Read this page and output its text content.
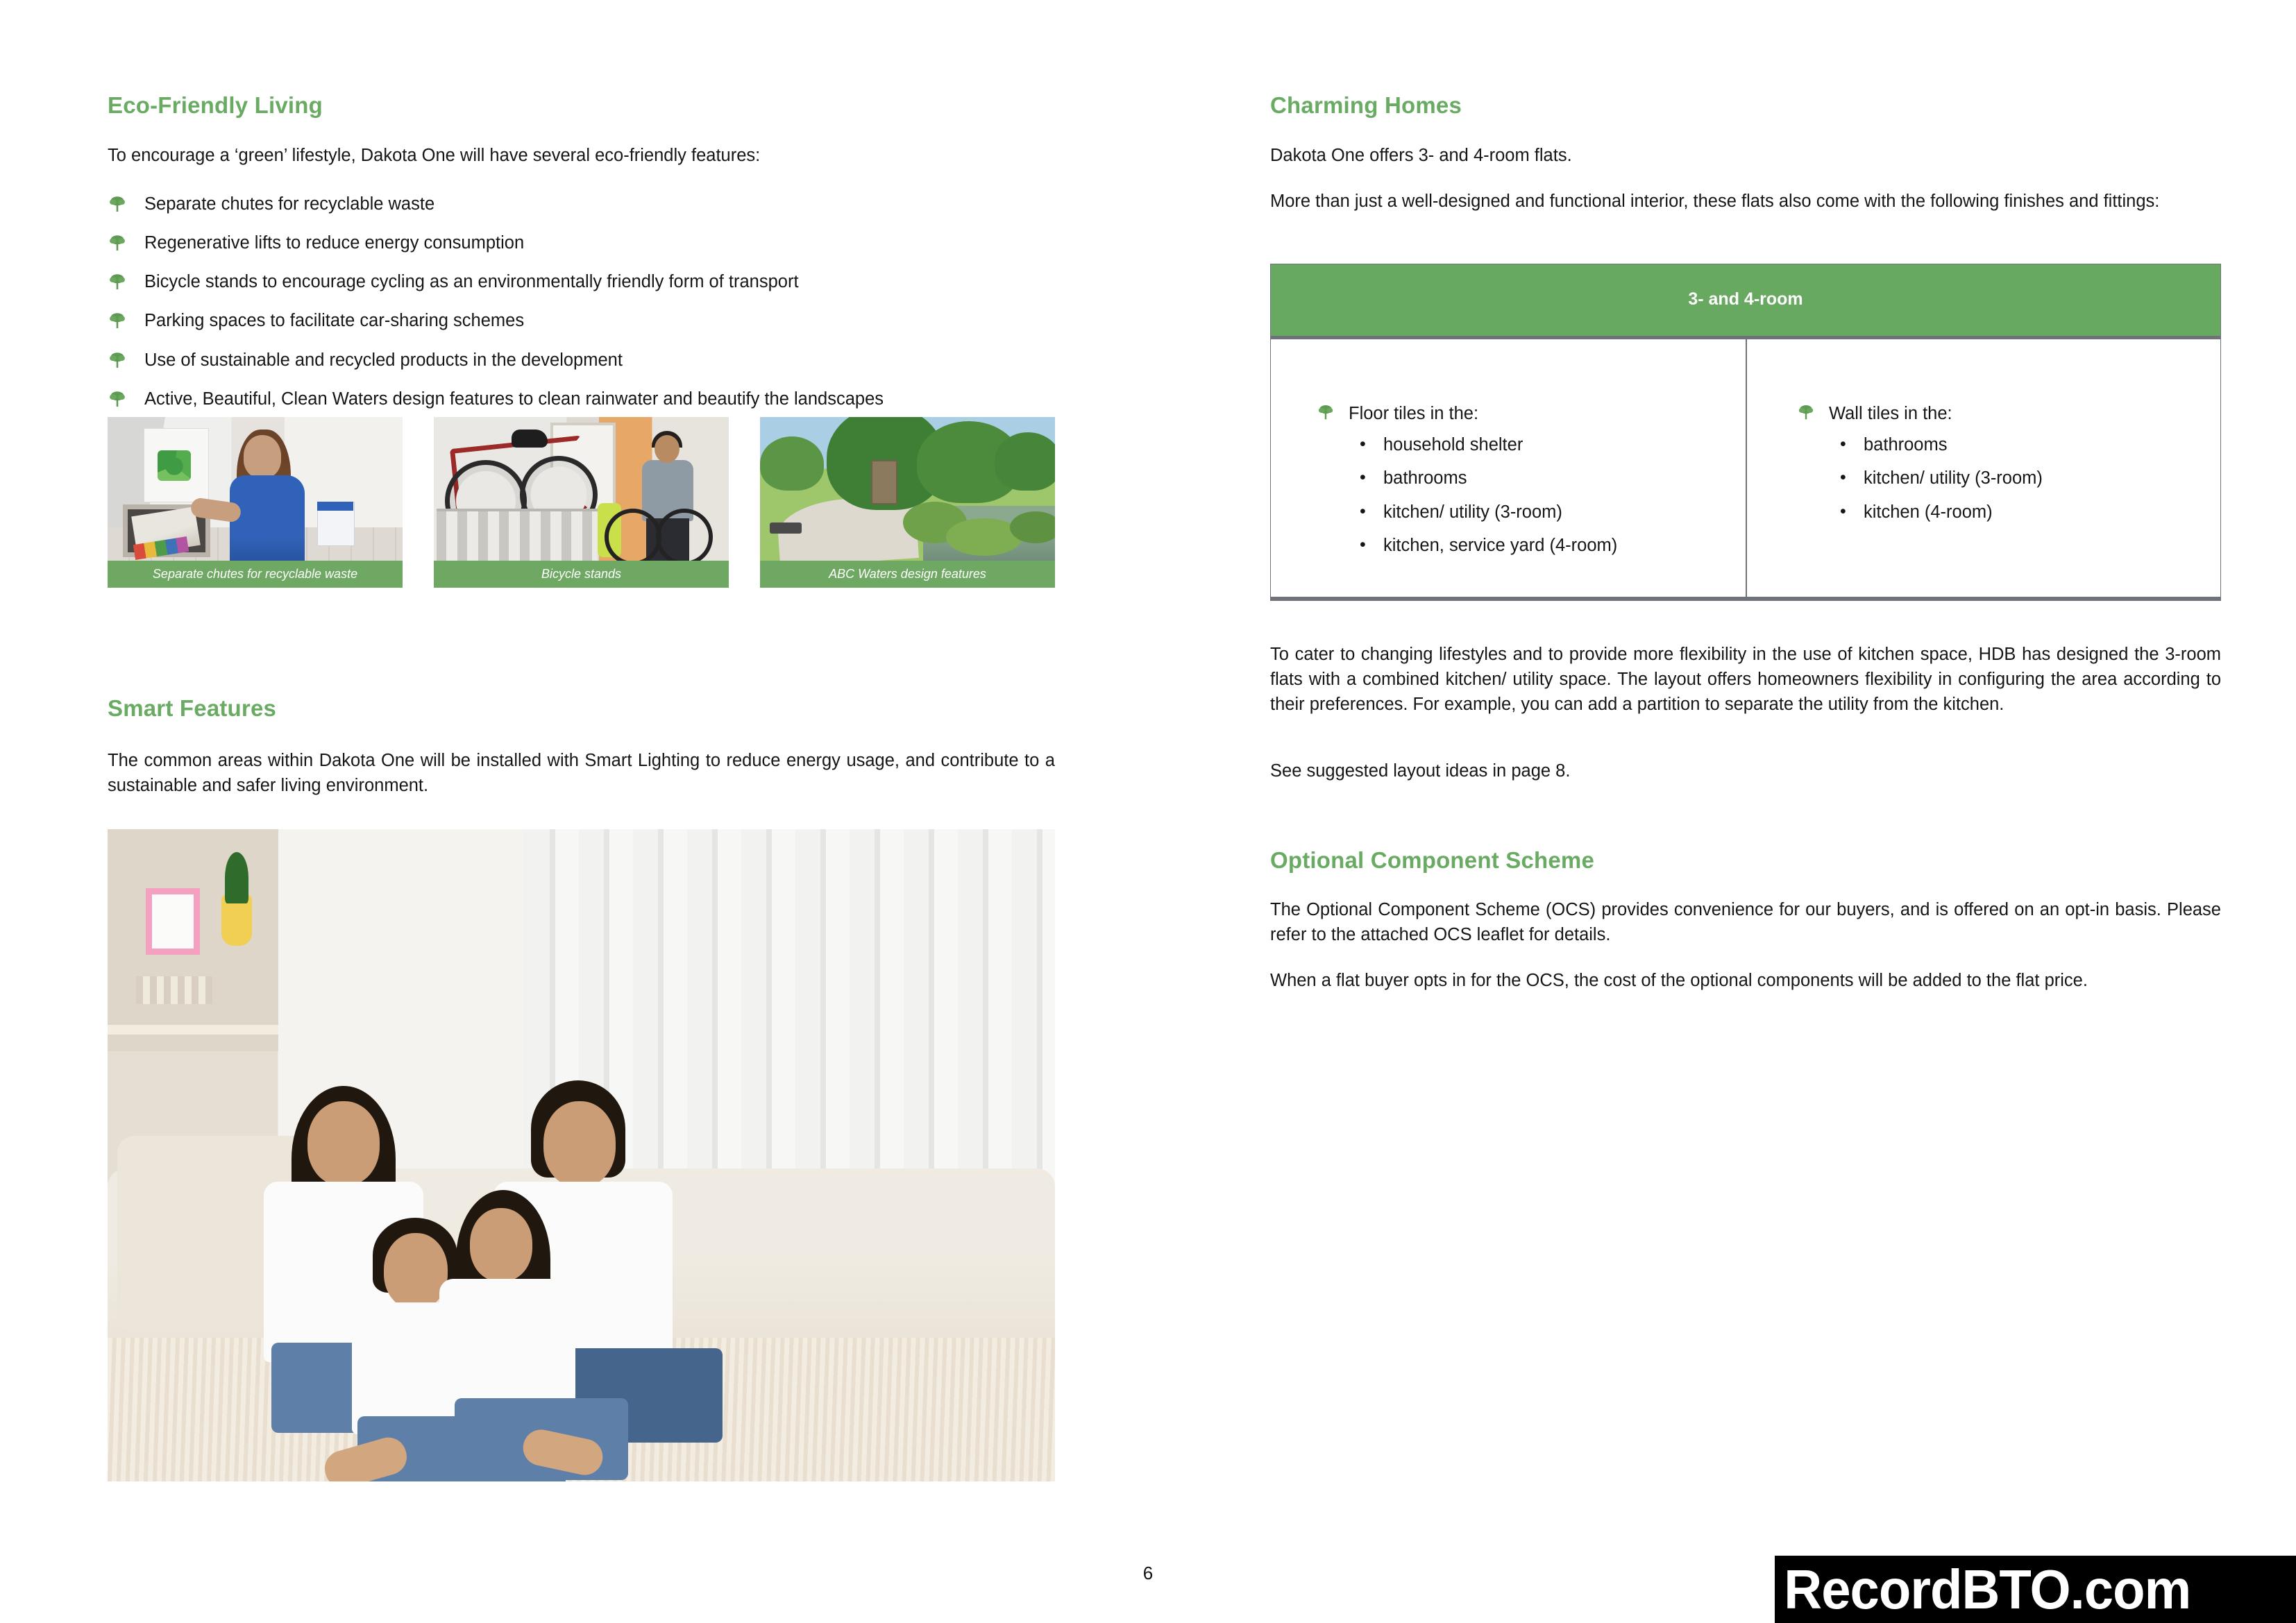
Eco-Friendly Living

To encourage a ‘green’ lifestyle, Dakota One will have several eco-friendly features:

Separate chutes for recyclable waste
Regenerative lifts to reduce energy consumption
Bicycle stands to encourage cycling as an environmentally friendly form of transport
Parking spaces to facilitate car-sharing schemes
Use of sustainable and recycled products in the development
Active, Beautiful, Clean Waters design features to clean rainwater and beautify the landscapes
Smart Features

The common areas within Dakota One will be installed with Smart Lighting to reduce energy usage, and contribute to a sustainable and safer living environment.

Separate chutes for recyclable waste	Bicycle stands	ABC Waters design features
Charming Homes

Dakota One offers 3- and 4-room flats.

More than just a well-designed and functional interior, these flats also come with the following finishes and fittings:

To cater to changing lifestyles and to provide more flexibility in the use of kitchen space, HDB has designed the 3-room flats with a combined kitchen/ utility space. The layout offers homeowners flexibility in configuring the area according to their preferences. For example, you can add a partition to separate the utility from the kitchen.

See suggested layout ideas in page 8.

Optional Component Scheme

The Optional Component Scheme (OCS) provides convenience for our buyers, and is offered on an opt-in basis. Please refer to the attached OCS leaflet for details.

When a flat buyer opts in for the OCS, the cost of the optional components will be added to the flat price.

3- and 4-room
Floor tiles in the:
• household shelter
• bathrooms
• kitchen/ utility (3-room)
• kitchen, service yard (4-room)
Wall tiles in the:
• bathrooms
• kitchen/ utility (3-room)
• kitchen (4-room)
6	RecordBTO.com
